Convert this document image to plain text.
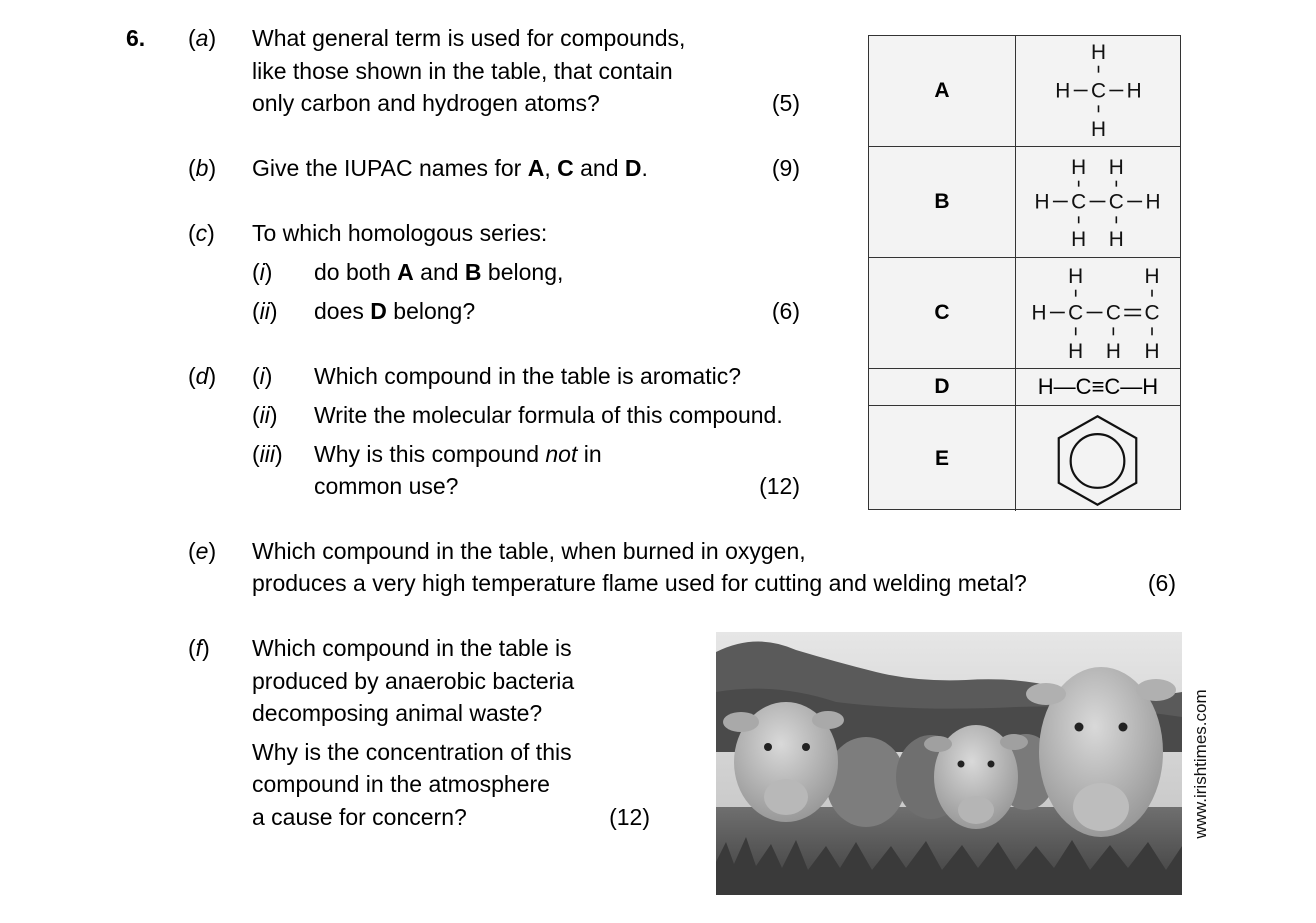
6. (a) What general term is used for compounds,
like those shown in the table, that contain
only carbon and hydrogen atoms?	(5)
(b) Give the IUPAC names for A, C and D.	(9)
(c) To which homologous series:
(i) do both A and B belong,
(ii) does D belong?	(6)
(d) (i) Which compound in the table is aromatic?
(ii) Write the molecular formula of this compound.
(iii) Why is this compound not in
common use?	(12)
(e) Which compound in the table, when burned in oxygen,
produces a very high temperature flame used for cutting and welding metal?	(6)
(f) Which compound in the table is
produced by anaerobic bacteria
decomposing animal waste?
Why is the concentration of this
compound in the atmosphere
a cause for concern?	(12)
A
H
H C H
H
B
H H
H C C H
H H
C
H	H
H C C C
H H H
D	H—C≡C—H
E
www.irishtimes.com
